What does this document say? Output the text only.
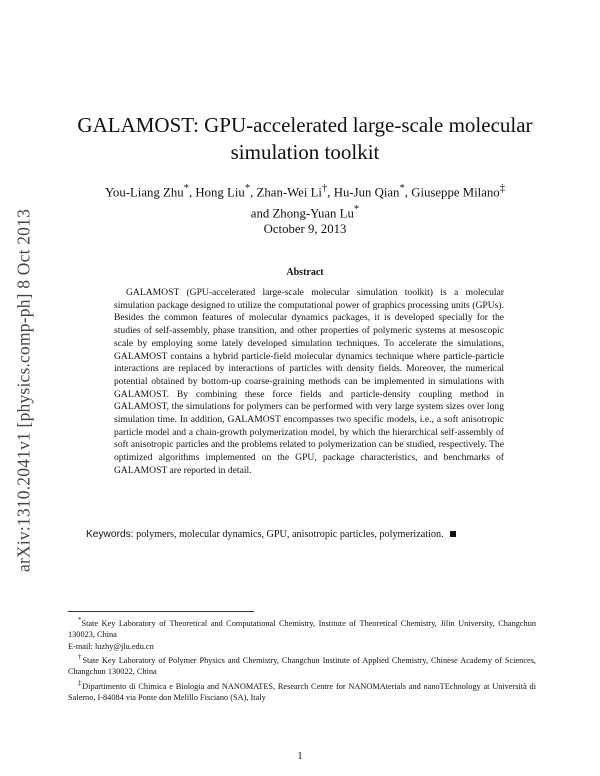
arXiv:1310.2041v1 [physics.comp-ph] 8 Oct 2013
GALAMOST: GPU-accelerated large-scale molecular
simulation toolkit
You-Liang Zhu*, Hong Liu*, Zhan-Wei Li†, Hu-Jun Qian*, Giuseppe Milano‡
and Zhong-Yuan Lu*
October 9, 2013
Abstract
GALAMOST (GPU-accelerated large-scale molecular simulation toolkit) is a molecular simulation package designed to utilize the computational power of graphics processing units (GPUs). Besides the common features of molecular dynamics packages, it is developed specially for the studies of self-assembly, phase transition, and other properties of polymeric systems at mesoscopic scale by employing some lately developed simulation techniques. To accelerate the simulations, GALAMOST contains a hybrid particle-field molecular dynamics technique where particle-particle interactions are replaced by interactions of particles with density fields. Moreover, the numerical potential obtained by bottom-up coarse-graining methods can be implemented in simulations with GALAMOST. By combining these force fields and particle-density coupling method in GALAMOST, the simulations for polymers can be performed with very large system sizes over long simulation time. In addition, GALAMOST encompasses two specific models, i.e., a soft anisotropic particle model and a chain-growth polymerization model, by which the hierarchical self-assembly of soft anisotropic particles and the problems related to polymerization can be studied, respectively. The optimized algorithms implemented on the GPU, package characteristics, and benchmarks of GALAMOST are reported in detail.
Keywords: polymers, molecular dynamics, GPU, anisotropic particles, polymerization.

*State Key Laboratory of Theoretical and Computational Chemistry, Institute of Theoretical Chemistry, Jilin University, Changchun 130023, China

E-mail: luzhy@jlu.edu.cn

†State Key Laboratory of Polymer Physics and Chemistry, Changchun Institute of Applied Chemistry, Chinese Academy of Sciences, Changchun 130022, China

‡Dipartimento di Chimica e Biologia and NANOMATES, Research Centre for NANOMAterials and nanoTEchnology at Università di Salerno, I-84084 via Ponte don Melillo Fisciano (SA), Italy

1
